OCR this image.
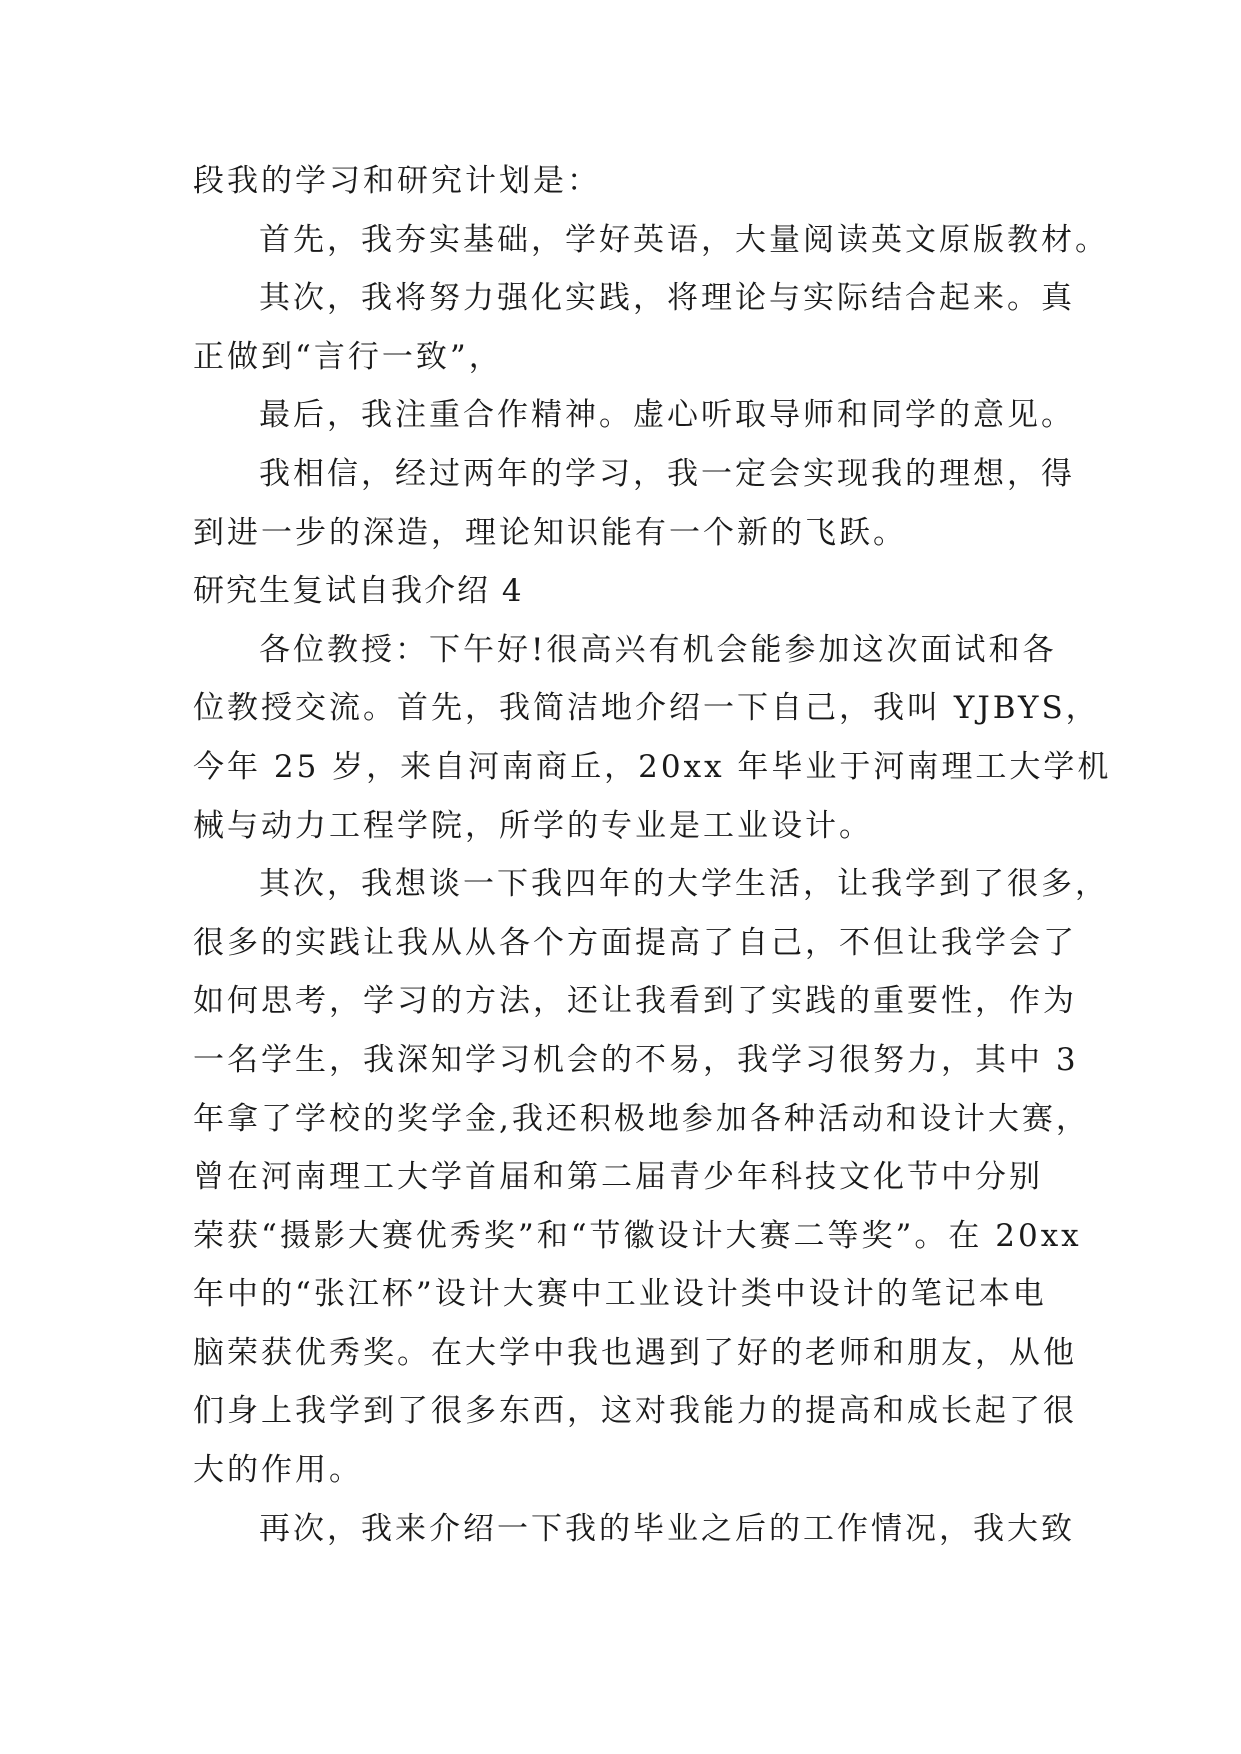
段我的学习和研究计划是：
首先，我夯实基础，学好英语，大量阅读英文原版教材。
其次，我将努力强化实践，将理论与实际结合起来。真
正做到“言行一致”，
最后，我注重合作精神。虚心听取导师和同学的意见。
我相信，经过两年的学习，我一定会实现我的理想，得
到进一步的深造，理论知识能有一个新的飞跃。
研究生复试自我介绍 4
各位教授：下午好!很高兴有机会能参加这次面试和各
位教授交流。首先，我简洁地介绍一下自己，我叫 YJBYS，
今年 25 岁，来自河南商丘，20xx 年毕业于河南理工大学机
械与动力工程学院，所学的专业是工业设计。
其次，我想谈一下我四年的大学生活，让我学到了很多，
很多的实践让我从从各个方面提高了自己，不但让我学会了
如何思考，学习的方法，还让我看到了实践的重要性，作为
一名学生，我深知学习机会的不易，我学习很努力，其中 3
年拿了学校的奖学金,我还积极地参加各种活动和设计大赛，
曾在河南理工大学首届和第二届青少年科技文化节中分别
荣获“摄影大赛优秀奖”和“节徽设计大赛二等奖”。在 20xx
年中的“张江杯”设计大赛中工业设计类中设计的笔记本电
脑荣获优秀奖。在大学中我也遇到了好的老师和朋友，从他
们身上我学到了很多东西，这对我能力的提高和成长起了很
大的作用。
再次，我来介绍一下我的毕业之后的工作情况，我大致
